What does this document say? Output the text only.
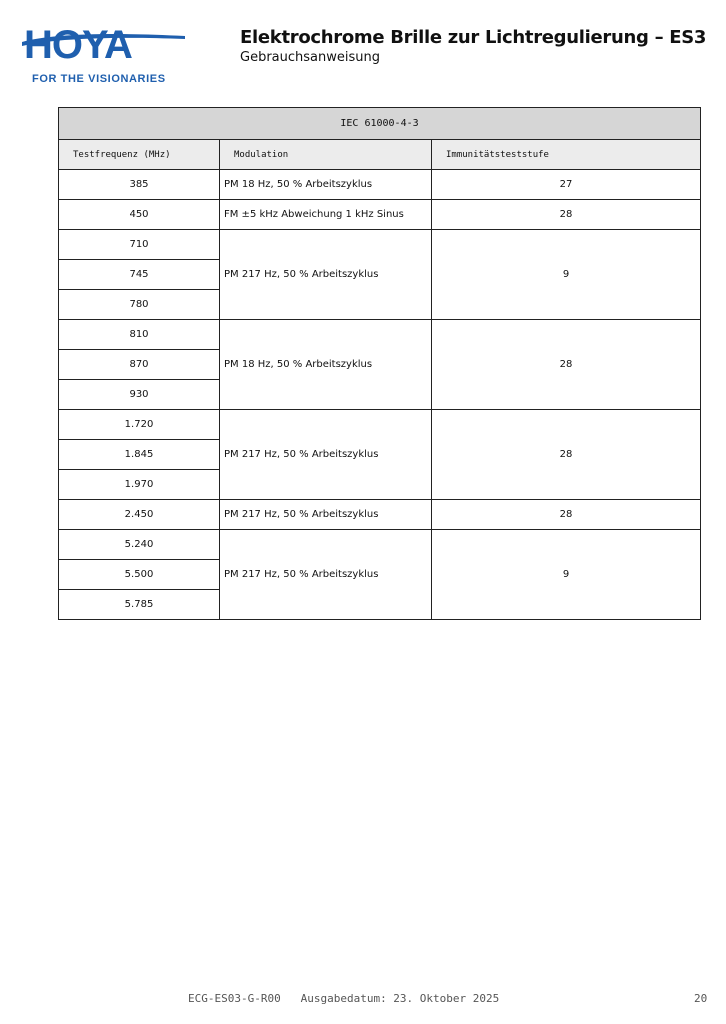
HOYA
FOR THE VISIONARIES
Elektrochrome Brille zur Lichtregulierung – ES3
Gebrauchsanweisung
IEC 61000-4-3		
Testfrequenz (MHz)	Modulation	Immunitätsteststufe
385	PM 18 Hz, 50 % Arbeitszyklus	27
450	FM ±5 kHz Abweichung 1 kHz Sinus	28
710	PM 217 Hz, 50 % Arbeitszyklus	9
745		
780		
810	PM 18 Hz, 50 % Arbeitszyklus	28
870		
930		
1.720	PM 217 Hz, 50 % Arbeitszyklus	28
1.845		
1.970		
2.450	PM 217 Hz, 50 % Arbeitszyklus	28
5.240	PM 217 Hz, 50 % Arbeitszyklus	9
5.500		
5.785		
ECG-ES03-G-R00 Ausgabedatum: 23. Oktober 2025	20
